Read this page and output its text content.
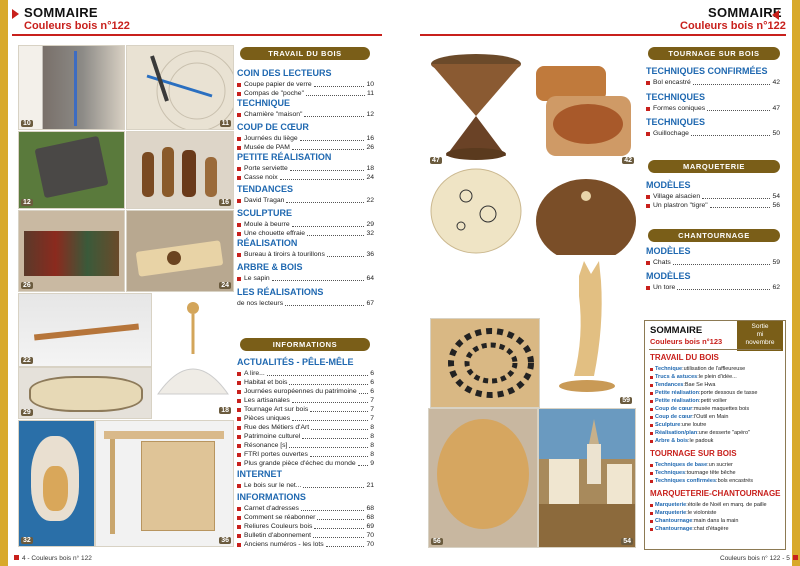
SOMMAIRE
Couleurs bois n°122
10	11
12	16
26	24
22
18
29
32	36
TRAVAIL DU BOIS
COIN DES LECTEURS
Coupe papier de verre	10
Compas de "poche"	11
TECHNIQUE
Charnière "maison"	12
COUP DE CŒUR
Journées du liège	16
Musée de PAM	26
PETITE RÉALISATION
Porte serviette	18
Casse noix	24
TENDANCES
David Tragan	22
SCULPTURE
Moule à beurre	29
Une chouette effraie	32
RÉALISATION
Bureau à tiroirs à tourillons	36
ARBRE & BOIS
Le sapin	64
LES RÉALISATIONS
de nos lecteurs	67
INFORMATIONS
ACTUALITÉS - PÊLE-MÊLE
A lire...	6
Habitat et bois	6
Journées européennes du patrimoine 6
Les artisanales	7
Tournage Art sur bois	7
Pièces uniques	7
Rue des Métiers d'Art	8
Patrimoine culturel	8
Résonance [s]	8
FTRI portes ouvertes	8
Plus grande pièce d'échec du monde 9
INTERNET
Le bois sur le net...	21
INFORMATIONS
Carnet d'adresses	68
Comment se réabonner	68
Reliures Couleurs bois	69
Bulletin d'abonnement	70
Anciens numéros - les lots	70
4 - Couleurs bois n° 122
SOMMAIRE
Couleurs bois n°122
47	42
59
56	54
TOURNAGE SUR BOIS
MARQUETERIE
CHANTOURNAGE
TECHNIQUES CONFIRMÉES
Bol encastré	42
TECHNIQUES
Formes coniques	47
TECHNIQUES
Guillochage	50
MODÈLES
Village alsacien	54
Un plastron "tigre"	56
MODÈLES
Chats	59
MODÈLES
Un tore	62
SOMMAIRE
Couleurs bois n°123
Sortie
mi
novembre
TRAVAIL DU BOIS
Technique : utilisation de l'affleureuse
Trucs & astuces : le plein d'idée...
Tendances : Bae Se Hwa
Petite réalisation : porte dessous de tasse
Petite réalisation : petit voilier
Coup de cœur : musée maquettes bois
Coup de cœur : l'Outil en Main
Sculpture : une loutre
Réalisation/plan : une desserte "apéro"
Arbre & bois : le padouk
TOURNAGE SUR BOIS
Techniques de base : un sucrier
Techniques : tournage tête bêche
Techniques confirmées : bols encastrés
MARQUETERIE-CHANTOURNAGE
Marqueterie : étoile de Noël en marq. de paille
Marqueterie : le violoniste
Chantournage : main dans la main
Chantournage : chat d'étagère
Couleurs bois n° 122 - 5
